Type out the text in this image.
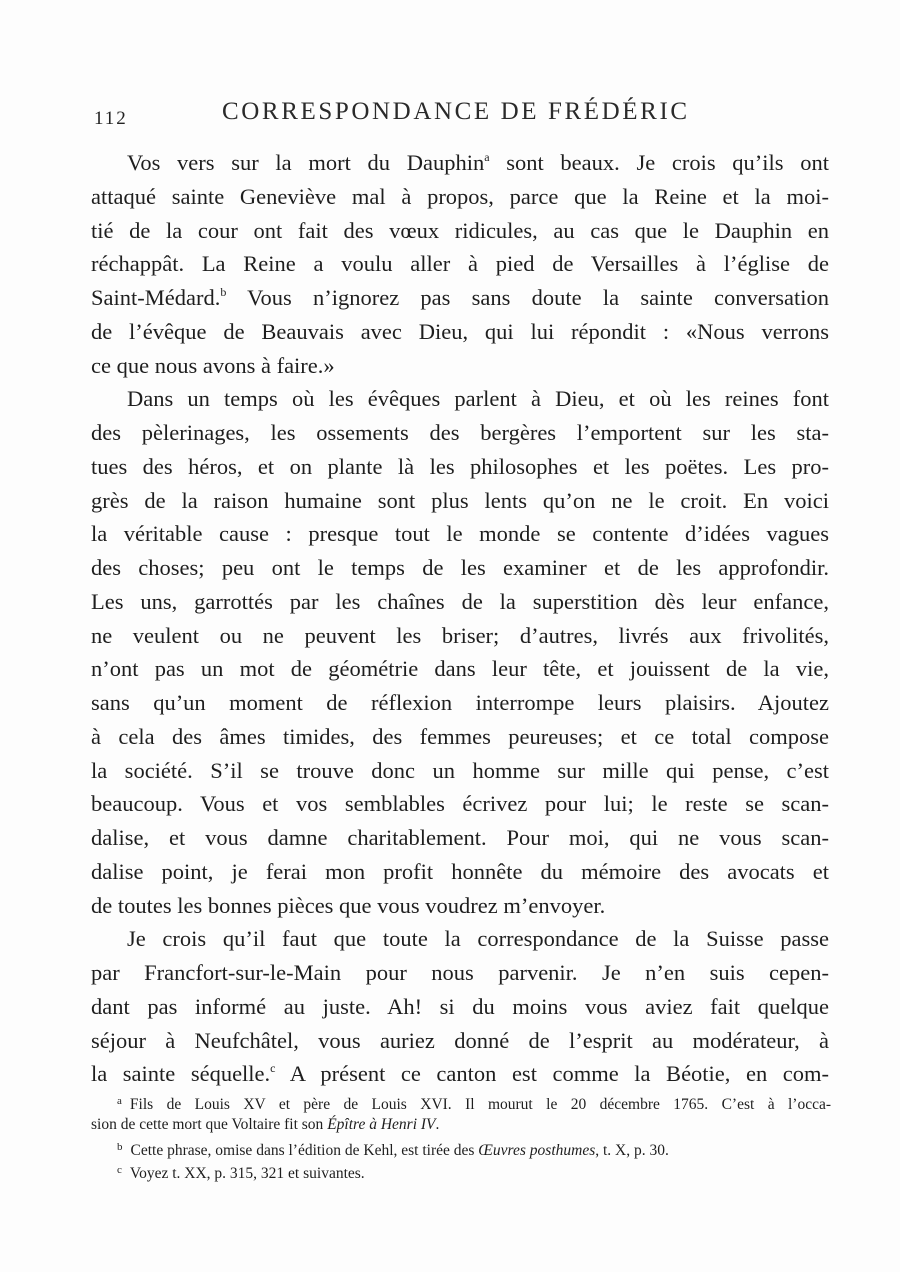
112	CORRESPONDANCE DE FRÉDÉRIC
Vos vers sur la mort du Dauphin$^a$ sont beaux. Je crois qu’ils ont
attaqué sainte Geneviève mal à propos, parce que la Reine et la moi-
tié de la cour ont fait des vœux ridicules, au cas que le Dauphin en
réchappât. La Reine a voulu aller à pied de Versailles à l’église de
Saint-Médard.$^b$ Vous n’ignorez pas sans doute la sainte conversation
de l’évêque de Beauvais avec Dieu, qui lui répondit : «Nous verrons
ce que nous avons à faire.»
Dans un temps où les évêques parlent à Dieu, et où les reines font
des pèlerinages, les ossements des bergères l’emportent sur les sta-
tues des héros, et on plante là les philosophes et les poëtes. Les pro-
grès de la raison humaine sont plus lents qu’on ne le croit. En voici
la véritable cause : presque tout le monde se contente d’idées vagues
des choses; peu ont le temps de les examiner et de les approfondir.
Les uns, garrottés par les chaînes de la superstition dès leur enfance,
ne veulent ou ne peuvent les briser; d’autres, livrés aux frivolités,
n’ont pas un mot de géométrie dans leur tête, et jouissent de la vie,
sans qu’un moment de réflexion interrompe leurs plaisirs. Ajoutez
à cela des âmes timides, des femmes peureuses; et ce total compose
la société. S’il se trouve donc un homme sur mille qui pense, c’est
beaucoup. Vous et vos semblables écrivez pour lui; le reste se scan-
dalise, et vous damne charitablement. Pour moi, qui ne vous scan-
dalise point, je ferai mon profit honnête du mémoire des avocats et
de toutes les bonnes pièces que vous voudrez m’envoyer.
Je crois qu’il faut que toute la correspondance de la Suisse passe
par Francfort-sur-le-Main pour nous parvenir. Je n’en suis cepen-
dant pas informé au juste. Ah! si du moins vous aviez fait quelque
séjour à Neufchâtel, vous auriez donné de l’esprit au modérateur, à
la sainte séquelle.$^c$ A présent ce canton est comme la Béotie, en com-
$^a$ Fils de Louis XV et père de Louis XVI. Il mourut le 20 décembre 1765. C’est à l’occa-
sion de cette mort que Voltaire fit son Épître à Henri IV.
$^b$ Cette phrase, omise dans l’édition de Kehl, est tirée des Œuvres posthumes, t. X, p. 30.
$^c$ Voyez t. XX, p. 315, 321 et suivantes.
